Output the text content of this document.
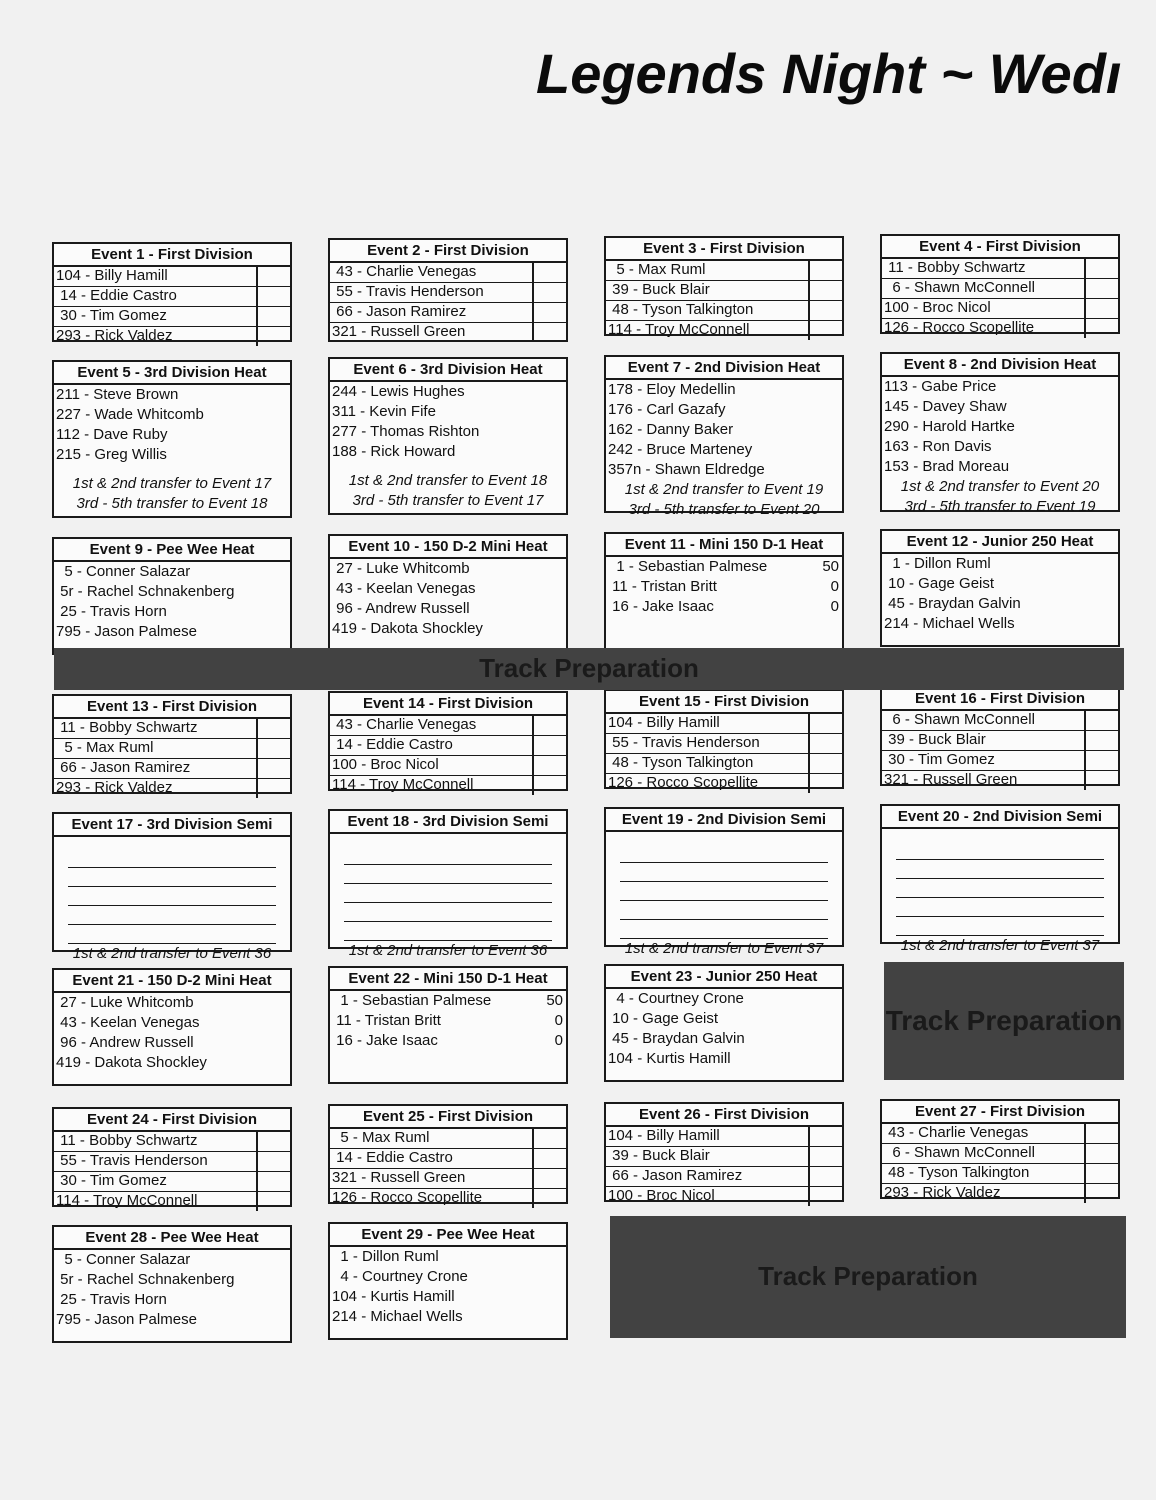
Legends Night ~ Wedı
Event 1 - First Division
104 - Billy Hamill
14 - Eddie Castro
30 - Tim Gomez
293 - Rick Valdez
Event 2 - First Division
43 - Charlie Venegas
55 - Travis Henderson
66 - Jason Ramirez
321 - Russell Green
Event 3 - First Division
5 - Max Ruml
39 - Buck Blair
48 - Tyson Talkington
114 - Troy McConnell
Event 4 - First Division
11 - Bobby Schwartz
6 - Shawn McConnell
100 - Broc Nicol
126 - Rocco Scopellite
Event 5 - 3rd Division Heat
211 - Steve Brown
227 - Wade Whitcomb
112 - Dave Ruby
215 - Greg Willis
1st & 2nd transfer to Event 17
3rd - 5th transfer to Event 18
Event 6 - 3rd Division Heat
244 - Lewis Hughes
311 - Kevin Fife
277 - Thomas Rishton
188 - Rick Howard
1st & 2nd transfer to Event 18
3rd - 5th transfer to Event 17
Event 7 - 2nd Division Heat
178 - Eloy Medellin
176 - Carl Gazafy
162 - Danny Baker
242 - Bruce Marteney
357n - Shawn Eldredge
1st & 2nd transfer to Event 19
3rd - 5th transfer to Event 20
Event 8 - 2nd Division Heat
113 - Gabe Price
145 - Davey Shaw
290 - Harold Hartke
163 - Ron Davis
153 - Brad Moreau
1st & 2nd transfer to Event 20
3rd - 5th transfer to Event 19
Event 9 - Pee Wee Heat
5 - Conner Salazar
5r - Rachel Schnakenberg
25 - Travis Horn
795 - Jason Palmese
Event 10 - 150 D-2 Mini Heat
27 - Luke Whitcomb
43 - Keelan Venegas
96 - Andrew Russell
419 - Dakota Shockley
Event 11 - Mini 150 D-1 Heat
1 - Sebastian Palmese	50
11 - Tristan Britt	0
16 - Jake Isaac	0
Event 12 - Junior 250 Heat
1 - Dillon Ruml
10 - Gage Geist
45 - Braydan Galvin
214 - Michael Wells
Event 13 - First Division
11 - Bobby Schwartz
5 - Max Ruml
66 - Jason Ramirez
293 - Rick Valdez
Event 14 - First Division
43 - Charlie Venegas
14 - Eddie Castro
100 - Broc Nicol
114 - Troy McConnell
Event 15 - First Division
104 - Billy Hamill
55 - Travis Henderson
48 - Tyson Talkington
126 - Rocco Scopellite
Event 16 - First Division
6 - Shawn McConnell
39 - Buck Blair
30 - Tim Gomez
321 - Russell Green
Event 17 - 3rd Division Semi
1st & 2nd transfer to Event 36
Event 18 - 3rd Division Semi
1st & 2nd transfer to Event 36
Event 19 - 2nd Division Semi
1st & 2nd transfer to Event 37
Event 20 - 2nd Division Semi
1st & 2nd transfer to Event 37
Event 21 - 150 D-2 Mini Heat
27 - Luke Whitcomb
43 - Keelan Venegas
96 - Andrew Russell
419 - Dakota Shockley
Event 22 - Mini 150 D-1 Heat
1 - Sebastian Palmese	50
11 - Tristan Britt	0
16 - Jake Isaac	0
Event 23 - Junior 250 Heat
4 - Courtney Crone
10 - Gage Geist
45 - Braydan Galvin
104 - Kurtis Hamill
Event 24 - First Division
11 - Bobby Schwartz
55 - Travis Henderson
30 - Tim Gomez
114 - Troy McConnell
Event 25 - First Division
5 - Max Ruml
14 - Eddie Castro
321 - Russell Green
126 - Rocco Scopellite
Event 26 - First Division
104 - Billy Hamill
39 - Buck Blair
66 - Jason Ramirez
100 - Broc Nicol
Event 27 - First Division
43 - Charlie Venegas
6 - Shawn McConnell
48 - Tyson Talkington
293 - Rick Valdez
Event 28 - Pee Wee Heat
5 - Conner Salazar
5r - Rachel Schnakenberg
25 - Travis Horn
795 - Jason Palmese
Event 29 - Pee Wee Heat
1 - Dillon Ruml
4 - Courtney Crone
104 - Kurtis Hamill
214 - Michael Wells
Track Preparation
Track Preparation
Track Preparation
